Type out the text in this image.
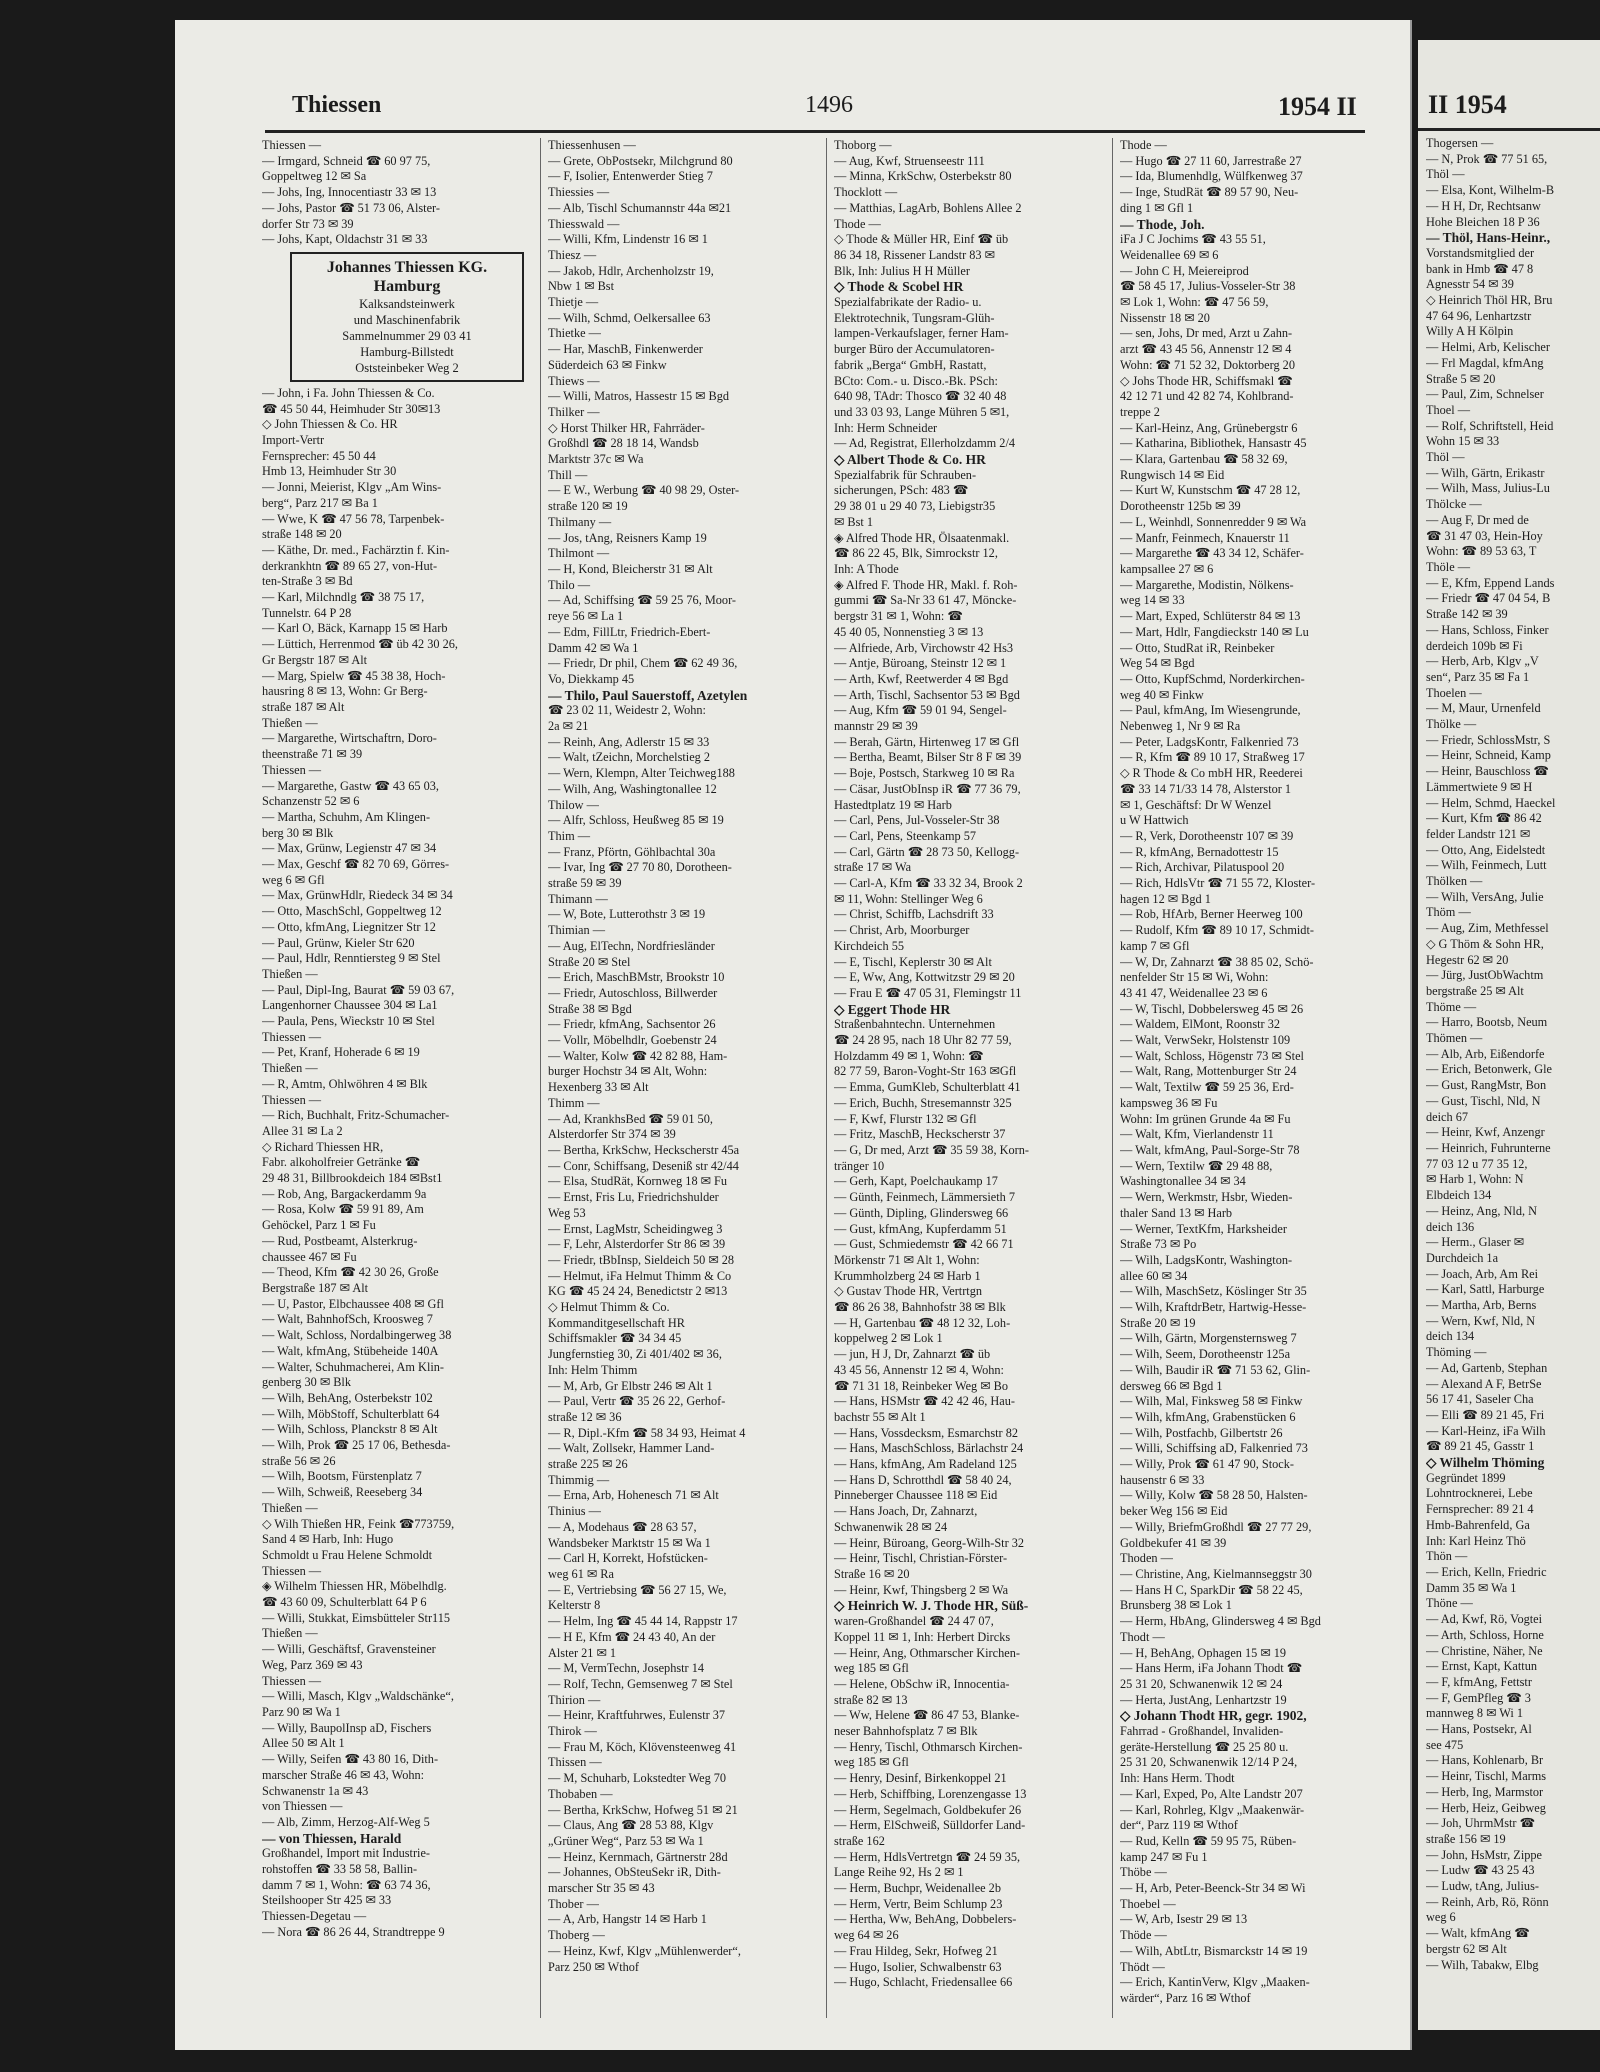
Thiessen	1496	1954 II
Thiessen —
— Irmgard, Schneid ☎ 60 97 75,
Goppeltweg 12 ✉ Sa
— Johs, Ing, Innocentiastr 33 ✉ 13
— Johs, Pastor ☎ 51 73 06, Alster-
dorfer Str 73 ✉ 39
— Johs, Kapt, Oldachstr 31 ✉ 33
Johannes Thiessen KG. Hamburg
Kalksandsteinwerk
und Maschinenfabrik
Sammelnummer 29 03 41
Hamburg-Billstedt
Oststeinbeker Weg 2
— John, i Fa. John Thiessen & Co.
☎ 45 50 44, Heimhuder Str 30✉13
◇ John Thiessen & Co. HR
Import-Vertr
Fernsprecher: 45 50 44
Hmb 13, Heimhuder Str 30
— Jonni, Meierist, Klgv „Am Wins-
berg“, Parz 217 ✉ Ba 1
— Wwe, K ☎ 47 56 78, Tarpenbek-
straße 148 ✉ 20
— Käthe, Dr. med., Fachärztin f. Kin-
derkrankhtn ☎ 89 65 27, von-Hut-
ten-Straße 3 ✉ Bd
— Karl, Milchndlg ☎ 38 75 17,
Tunnelstr. 64 P 28
— Karl O, Bäck, Karnapp 15 ✉ Harb
— Lüttich, Herrenmod ☎ üb 42 30 26,
Gr Bergstr 187 ✉ Alt
— Marg, Spielw ☎ 45 38 38, Hoch-
hausring 8 ✉ 13, Wohn: Gr Berg-
straße 187 ✉ Alt
Thießen —
— Margarethe, Wirtschaftrn, Doro-
theenstraße 71 ✉ 39
Thiessen —
— Margarethe, Gastw ☎ 43 65 03,
Schanzenstr 52 ✉ 6
— Martha, Schuhm, Am Klingen-
berg 30 ✉ Blk
— Max, Grünw, Legienstr 47 ✉ 34
— Max, Geschf ☎ 82 70 69, Görres-
weg 6 ✉ Gfl
— Max, GrünwHdlr, Riedeck 34 ✉ 34
— Otto, MaschSchl, Goppeltweg 12
— Otto, kfmAng, Liegnitzer Str 12
— Paul, Grünw, Kieler Str 620
— Paul, Hdlr, Renntiersteg 9 ✉ Stel
Thießen —
— Paul, Dipl-Ing, Baurat ☎ 59 03 67,
Langenhorner Chaussee 304 ✉ La1
— Paula, Pens, Wieckstr 10 ✉ Stel
Thiessen —
— Pet, Kranf, Hoherade 6 ✉ 19
Thießen —
— R, Amtm, Ohlwöhren 4 ✉ Blk
Thiessen —
— Rich, Buchhalt, Fritz-Schumacher-
Allee 31 ✉ La 2
◇ Richard Thiessen HR,
Fabr. alkoholfreier Getränke ☎
29 48 31, Billbrookdeich 184 ✉Bst1
— Rob, Ang, Bargackerdamm 9a
— Rosa, Kolw ☎ 59 91 89, Am
Gehöckel, Parz 1 ✉ Fu
— Rud, Postbeamt, Alsterkrug-
chaussee 467 ✉ Fu
— Theod, Kfm ☎ 42 30 26, Große
Bergstraße 187 ✉ Alt
— U, Pastor, Elbchaussee 408 ✉ Gfl
— Walt, BahnhofSch, Kroosweg 7
— Walt, Schloss, Nordalbingerweg 38
— Walt, kfmAng, Stübeheide 140A
— Walter, Schuhmacherei, Am Klin-
genberg 30 ✉ Blk
— Wilh, BehAng, Osterbekstr 102
— Wilh, MöbStoff, Schulterblatt 64
— Wilh, Schloss, Planckstr 8 ✉ Alt
— Wilh, Prok ☎ 25 17 06, Bethesda-
straße 56 ✉ 26
— Wilh, Bootsm, Fürstenplatz 7
— Wilh, Schweiß, Reeseberg 34
Thießen —
◇ Wilh Thießen HR, Feink ☎773759,
Sand 4 ✉ Harb, Inh: Hugo
Schmoldt u Frau Helene Schmoldt
Thiessen —
◈ Wilhelm Thiessen HR, Möbelhdlg.
☎ 43 60 09, Schulterblatt 64 P 6
— Willi, Stukkat, Eimsbütteler Str115
Thießen —
— Willi, Geschäftsf, Gravensteiner
Weg, Parz 369 ✉ 43
Thiessen —
— Willi, Masch, Klgv „Waldschänke“,
Parz 90 ✉ Wa 1
— Willy, BaupolInsp aD, Fischers
Allee 50 ✉ Alt 1
— Willy, Seifen ☎ 43 80 16, Dith-
marscher Straße 46 ✉ 43, Wohn:
Schwanenstr 1a ✉ 43
von Thiessen —
— Alb, Zimm, Herzog-Alf-Weg 5
— von Thiessen, Harald
Großhandel, Import mit Industrie-
rohstoffen ☎ 33 58 58, Ballin-
damm 7 ✉ 1, Wohn: ☎ 63 74 36,
Steilshooper Str 425 ✉ 33
Thiessen-Degetau —
— Nora ☎ 86 26 44, Strandtreppe 9
Thiessenhusen —
— Grete, ObPostsekr, Milchgrund 80
— F, Isolier, Entenwerder Stieg 7
Thiessies —
— Alb, Tischl Schumannstr 44a ✉21
Thiesswald —
— Willi, Kfm, Lindenstr 16 ✉ 1
Thiesz —
— Jakob, Hdlr, Archenholzstr 19,
Nbw 1 ✉ Bst
Thietje —
— Wilh, Schmd, Oelkersallee 63
Thietke —
— Har, MaschB, Finkenwerder
Süderdeich 63 ✉ Finkw
Thiews —
— Willi, Matros, Hassestr 15 ✉ Bgd
Thilker —
◇ Horst Thilker HR, Fahrräder-
Großhdl ☎ 28 18 14, Wandsb
Marktstr 37c ✉ Wa
Thill —
— E W., Werbung ☎ 40 98 29, Oster-
straße 120 ✉ 19
Thilmany —
— Jos, tAng, Reisners Kamp 19
Thilmont —
— H, Kond, Bleicherstr 31 ✉ Alt
Thilo —
— Ad, Schiffsing ☎ 59 25 76, Moor-
reye 56 ✉ La 1
— Edm, FillLtr, Friedrich-Ebert-
Damm 42 ✉ Wa 1
— Friedr, Dr phil, Chem ☎ 62 49 36,
Vo, Diekkamp 45
— Thilo, Paul Sauerstoff, Azetylen
☎ 23 02 11, Weidestr 2, Wohn:
2a ✉ 21
— Reinh, Ang, Adlerstr 15 ✉ 33
— Walt, tZeichn, Morchelstieg 2
— Wern, Klempn, Alter Teichweg188
— Wilh, Ang, Washingtonallee 12
Thilow —
— Alfr, Schloss, Heußweg 85 ✉ 19
Thim —
— Franz, Pförtn, Göhlbachtal 30a
— Ivar, Ing ☎ 27 70 80, Dorotheen-
straße 59 ✉ 39
Thimann —
— W, Bote, Lutterothstr 3 ✉ 19
Thimian —
— Aug, ElTechn, Nordfriesländer
Straße 20 ✉ Stel
— Erich, MaschBMstr, Brookstr 10
— Friedr, Autoschloss, Billwerder
Straße 38 ✉ Bgd
— Friedr, kfmAng, Sachsentor 26
— Vollr, Möbelhdlr, Goebenstr 24
— Walter, Kolw ☎ 42 82 88, Ham-
burger Hochstr 34 ✉ Alt, Wohn:
Hexenberg 33 ✉ Alt
Thimm —
— Ad, KrankhsBed ☎ 59 01 50,
Alsterdorfer Str 374 ✉ 39
— Bertha, KrkSchw, Heckscherstr 45a
— Conr, Schiffsang, Deseniß str 42/44
— Elsa, StudRät, Kornweg 18 ✉ Fu
— Ernst, Fris Lu, Friedrichshulder
Weg 53
— Ernst, LagMstr, Scheidingweg 3
— F, Lehr, Alsterdorfer Str 86 ✉ 39
— Friedr, tBbInsp, Sieldeich 50 ✉ 28
— Helmut, iFa Helmut Thimm & Co
KG ☎ 45 24 24, Benedictstr 2 ✉13
◇ Helmut Thimm & Co.
Kommanditgesellschaft HR
Schiffsmakler ☎ 34 34 45
Jungfernstieg 30, Zi 401/402 ✉ 36,
Inh: Helm Thimm
— M, Arb, Gr Elbstr 246 ✉ Alt 1
— Paul, Vertr ☎ 35 26 22, Gerhof-
straße 12 ✉ 36
— R, Dipl.-Kfm ☎ 58 34 93, Heimat 4
— Walt, Zollsekr, Hammer Land-
straße 225 ✉ 26
Thimmig —
— Erna, Arb, Hohenesch 71 ✉ Alt
Thinius —
— A, Modehaus ☎ 28 63 57,
Wandsbeker Marktstr 15 ✉ Wa 1
— Carl H, Korrekt, Hofstücken-
weg 61 ✉ Ra
— E, Vertriebsing ☎ 56 27 15, We,
Kelterstr 8
— Helm, Ing ☎ 45 44 14, Rappstr 17
— H E, Kfm ☎ 24 43 40, An der
Alster 21 ✉ 1
— M, VermTechn, Josephstr 14
— Rolf, Techn, Gemsenweg 7 ✉ Stel
Thirion —
— Heinr, Kraftfuhrwes, Eulenstr 37
Thirok —
— Frau M, Köch, Klövensteenweg 41
Thissen —
— M, Schuharb, Lokstedter Weg 70
Thobaben —
— Bertha, KrkSchw, Hofweg 51 ✉ 21
— Claus, Ang ☎ 28 53 88, Klgv
„Grüner Weg“, Parz 53 ✉ Wa 1
— Heinz, Kernmach, Gärtnerstr 28d
— Johannes, ObSteuSekr iR, Dith-
marscher Str 35 ✉ 43
Thober —
— A, Arb, Hangstr 14 ✉ Harb 1
Thoberg —
— Heinz, Kwf, Klgv „Mühlenwerder“,
Parz 250 ✉ Wthof
Thoborg —
— Aug, Kwf, Struenseestr 111
— Minna, KrkSchw, Osterbekstr 80
Thocklott —
— Matthias, LagArb, Bohlens Allee 2
Thode —
◇ Thode & Müller HR, Einf ☎ üb
86 34 18, Rissener Landstr 83 ✉
Blk, Inh: Julius H H Müller
◇ Thode & Scobel HR
Spezialfabrikate der Radio- u.
Elektrotechnik, Tungsram-Glüh-
lampen-Verkaufslager, ferner Ham-
burger Büro der Accumulatoren-
fabrik „Berga“ GmbH, Rastatt,
BCto: Com.- u. Disco.-Bk. PSch:
640 98, TAdr: Thosco ☎ 32 40 48
und 33 03 93, Lange Mühren 5 ✉1,
Inh: Herm Schneider
— Ad, Registrat, Ellerholzdamm 2/4
◇ Albert Thode & Co. HR
Spezialfabrik für Schrauben-
sicherungen, PSch: 483 ☎
29 38 01 u 29 40 73, Liebigstr35
✉ Bst 1
◈ Alfred Thode HR, Ölsaatenmakl.
☎ 86 22 45, Blk, Simrockstr 12,
Inh: A Thode
◈ Alfred F. Thode HR, Makl. f. Roh-
gummi ☎ Sa-Nr 33 61 47, Möncke-
bergstr 31 ✉ 1, Wohn: ☎
45 40 05, Nonnenstieg 3 ✉ 13
— Alfriede, Arb, Virchowstr 42 Hs3
— Antje, Büroang, Steinstr 12 ✉ 1
— Arth, Kwf, Reetwerder 4 ✉ Bgd
— Arth, Tischl, Sachsentor 53 ✉ Bgd
— Aug, Kfm ☎ 59 01 94, Sengel-
mannstr 29 ✉ 39
— Berah, Gärtn, Hirtenweg 17 ✉ Gfl
— Bertha, Beamt, Bilser Str 8 F ✉ 39
— Boje, Postsch, Starkweg 10 ✉ Ra
— Cäsar, JustObInsp iR ☎ 77 36 79,
Hastedtplatz 19 ✉ Harb
— Carl, Pens, Jul-Vosseler-Str 38
— Carl, Pens, Steenkamp 57
— Carl, Gärtn ☎ 28 73 50, Kellogg-
straße 17 ✉ Wa
— Carl-A, Kfm ☎ 33 32 34, Brook 2
✉ 11, Wohn: Stellinger Weg 6
— Christ, Schiffb, Lachsdrift 33
— Christ, Arb, Moorburger
Kirchdeich 55
— E, Tischl, Keplerstr 30 ✉ Alt
— E, Ww, Ang, Kottwitzstr 29 ✉ 20
— Frau E ☎ 47 05 31, Flemingstr 11
◇ Eggert Thode HR
Straßenbahntechn. Unternehmen
☎ 24 28 95, nach 18 Uhr 82 77 59,
Holzdamm 49 ✉ 1, Wohn: ☎
82 77 59, Baron-Voght-Str 163 ✉Gfl
— Emma, GumKleb, Schulterblatt 41
— Erich, Buchh, Stresemannstr 325
— F, Kwf, Flurstr 132 ✉ Gfl
— Fritz, MaschB, Heckscherstr 37
— G, Dr med, Arzt ☎ 35 59 38, Korn-
tränger 10
— Gerh, Kapt, Poelchaukamp 17
— Günth, Feinmech, Lämmersieth 7
— Günth, Dipling, Glindersweg 66
— Gust, kfmAng, Kupferdamm 51
— Gust, Schmiedemstr ☎ 42 66 71
Mörkenstr 71 ✉ Alt 1, Wohn:
Krummholzberg 24 ✉ Harb 1
◇ Gustav Thode HR, Vertrtgn
☎ 86 26 38, Bahnhofstr 38 ✉ Blk
— H, Gartenbau ☎ 48 12 32, Loh-
koppelweg 2 ✉ Lok 1
— jun, H J, Dr, Zahnarzt ☎ üb
43 45 56, Annenstr 12 ✉ 4, Wohn:
☎ 71 31 18, Reinbeker Weg ✉ Bo
— Hans, HSMstr ☎ 42 42 46, Hau-
bachstr 55 ✉ Alt 1
— Hans, Vossdecksm, Esmarchstr 82
— Hans, MaschSchloss, Bärlachstr 24
— Hans, kfmAng, Am Radeland 125
— Hans D, Schrotthdl ☎ 58 40 24,
Pinneberger Chaussee 118 ✉ Eid
— Hans Joach, Dr, Zahnarzt,
Schwanenwik 28 ✉ 24
— Heinr, Büroang, Georg-Wilh-Str 32
— Heinr, Tischl, Christian-Förster-
Straße 16 ✉ 20
— Heinr, Kwf, Thingsberg 2 ✉ Wa
◇ Heinrich W. J. Thode HR, Süß-
waren-Großhandel ☎ 24 47 07,
Koppel 11 ✉ 1, Inh: Herbert Dircks
— Heinr, Ang, Othmarscher Kirchen-
weg 185 ✉ Gfl
— Helene, ObSchw iR, Innocentia-
straße 82 ✉ 13
— Ww, Helene ☎ 86 47 53, Blanke-
neser Bahnhofsplatz 7 ✉ Blk
— Henry, Tischl, Othmarsch Kirchen-
weg 185 ✉ Gfl
— Henry, Desinf, Birkenkoppel 21
— Herb, Schiffbing, Lorenzengasse 13
— Herm, Segelmach, Goldbekufer 26
— Herm, ElSchweiß, Sülldorfer Land-
straße 162
— Herm, HdlsVertretgn ☎ 24 59 35,
Lange Reihe 92, Hs 2 ✉ 1
— Herm, Buchpr, Weidenallee 2b
— Herm, Vertr, Beim Schlump 23
— Hertha, Ww, BehAng, Dobbelers-
weg 64 ✉ 26
— Frau Hildeg, Sekr, Hofweg 21
— Hugo, Isolier, Schwalbenstr 63
— Hugo, Schlacht, Friedensallee 66
Thode —
— Hugo ☎ 27 11 60, Jarrestraße 27
— Ida, Blumenhdlg, Wülfkenweg 37
— Inge, StudRät ☎ 89 57 90, Neu-
ding 1 ✉ Gfl 1
— Thode, Joh.
iFa J C Jochims ☎ 43 55 51,
Weidenallee 69 ✉ 6
— John C H, Meiereiprod
☎ 58 45 17, Julius-Vosseler-Str 38
✉ Lok 1, Wohn: ☎ 47 56 59,
Nissenstr 18 ✉ 20
— sen, Johs, Dr med, Arzt u Zahn-
arzt ☎ 43 45 56, Annenstr 12 ✉ 4
Wohn: ☎ 71 52 32, Doktorberg 20
◇ Johs Thode HR, Schiffsmakl ☎
42 12 71 und 42 82 74, Kohlbrand-
treppe 2
— Karl-Heinz, Ang, Grünebergstr 6
— Katharina, Bibliothek, Hansastr 45
— Klara, Gartenbau ☎ 58 32 69,
Rungwisch 14 ✉ Eid
— Kurt W, Kunstschm ☎ 47 28 12,
Dorotheenstr 125b ✉ 39
— L, Weinhdl, Sonnenredder 9 ✉ Wa
— Manfr, Feinmech, Knauerstr 11
— Margarethe ☎ 43 34 12, Schäfer-
kampsallee 27 ✉ 6
— Margarethe, Modistin, Nölkens-
weg 14 ✉ 33
— Mart, Exped, Schlüterstr 84 ✉ 13
— Mart, Hdlr, Fangdieckstr 140 ✉ Lu
— Otto, StudRat iR, Reinbeker
Weg 54 ✉ Bgd
— Otto, KupfSchmd, Norderkirchen-
weg 40 ✉ Finkw
— Paul, kfmAng, Im Wiesengrunde,
Nebenweg 1, Nr 9 ✉ Ra
— Peter, LadgsKontr, Falkenried 73
— R, Kfm ☎ 89 10 17, Straßweg 17
◇ R Thode & Co mbH HR, Reederei
☎ 33 14 71/33 14 78, Alsterstor 1
✉ 1, Geschäftsf: Dr W Wenzel
u W Hattwich
— R, Verk, Dorotheenstr 107 ✉ 39
— R, kfmAng, Bernadottestr 15
— Rich, Archivar, Pilatuspool 20
— Rich, HdlsVtr ☎ 71 55 72, Kloster-
hagen 12 ✉ Bgd 1
— Rob, HfArb, Berner Heerweg 100
— Rudolf, Kfm ☎ 89 10 17, Schmidt-
kamp 7 ✉ Gfl
— W, Dr, Zahnarzt ☎ 38 85 02, Schö-
nenfelder Str 15 ✉ Wi, Wohn:
43 41 47, Weidenallee 23 ✉ 6
— W, Tischl, Dobbelersweg 45 ✉ 26
— Waldem, ElMont, Roonstr 32
— Walt, VerwSekr, Holstenstr 109
— Walt, Schloss, Högenstr 73 ✉ Stel
— Walt, Rang, Mottenburger Str 24
— Walt, Textilw ☎ 59 25 36, Erd-
kampsweg 36 ✉ Fu
Wohn: Im grünen Grunde 4a ✉ Fu
— Walt, Kfm, Vierlandenstr 11
— Walt, kfmAng, Paul-Sorge-Str 78
— Wern, Textilw ☎ 29 48 88,
Washingtonallee 34 ✉ 34
— Wern, Werkmstr, Hsbr, Wieden-
thaler Sand 13 ✉ Harb
— Werner, TextKfm, Harksheider
Straße 73 ✉ Po
— Wilh, LadgsKontr, Washington-
allee 60 ✉ 34
— Wilh, MaschSetz, Köslinger Str 35
— Wilh, KraftdrBetr, Hartwig-Hesse-
Straße 20 ✉ 19
— Wilh, Gärtn, Morgensternsweg 7
— Wilh, Seem, Dorotheenstr 125a
— Wilh, Baudir iR ☎ 71 53 62, Glin-
dersweg 66 ✉ Bgd 1
— Wilh, Mal, Finksweg 58 ✉ Finkw
— Wilh, kfmAng, Grabenstücken 6
— Wilh, Postfachb, Gilbertstr 26
— Willi, Schiffsing aD, Falkenried 73
— Willy, Prok ☎ 61 47 90, Stock-
hausenstr 6 ✉ 33
— Willy, Kolw ☎ 58 28 50, Halsten-
beker Weg 156 ✉ Eid
— Willy, BriefmGroßhdl ☎ 27 77 29,
Goldbekufer 41 ✉ 39
Thoden —
— Christine, Ang, Kielmannseggstr 30
— Hans H C, SparkDir ☎ 58 22 45,
Brunsberg 38 ✉ Lok 1
— Herm, HbAng, Glindersweg 4 ✉ Bgd
Thodt —
— H, BehAng, Ophagen 15 ✉ 19
— Hans Herm, iFa Johann Thodt ☎
25 31 20, Schwanenwik 12 ✉ 24
— Herta, JustAng, Lenhartzstr 19
◇ Johann Thodt HR, gegr. 1902,
Fahrrad - Großhandel, Invaliden-
geräte-Herstellung ☎ 25 25 80 u.
25 31 20, Schwanenwik 12/14 P 24,
Inh: Hans Herm. Thodt
— Karl, Exped, Po, Alte Landstr 207
— Karl, Rohrleg, Klgv „Maakenwär-
der“, Parz 119 ✉ Wthof
— Rud, Kelln ☎ 59 95 75, Rüben-
kamp 247 ✉ Fu 1
Thöbe —
— H, Arb, Peter-Beenck-Str 34 ✉ Wi
Thoebel —
— W, Arb, Isestr 29 ✉ 13
Thöde —
— Wilh, AbtLtr, Bismarckstr 14 ✉ 19
Thödt —
— Erich, KantinVerw, Klgv „Maaken-
wärder“, Parz 16 ✉ Wthof
II 1954
Thogersen —
— N, Prok ☎ 77 51 65,
Thöl —
— Elsa, Kont, Wilhelm-B
— H H, Dr, Rechtsanw
Hohe Bleichen 18 P 36
— Thöl, Hans-Heinr.,
Vorstandsmitglied der
bank in Hmb ☎ 47 8
Agnesstr 54 ✉ 39
◇ Heinrich Thöl HR, Bru
47 64 96, Lenhartzstr
Willy A H Kölpin
— Helmi, Arb, Kelischer
— Frl Magdal, kfmAng
Straße 5 ✉ 20
— Paul, Zim, Schnelser
Thoel —
— Rolf, Schriftstell, Heid
Wohn 15 ✉ 33
Thöl —
— Wilh, Gärtn, Erikastr
— Wilh, Mass, Julius-Lu
Thölcke —
— Aug F, Dr med de
☎ 31 47 03, Hein-Hoy
Wohn: ☎ 89 53 63, T
Thöle —
— E, Kfm, Eppend Lands
— Friedr ☎ 47 04 54, B
Straße 142 ✉ 39
— Hans, Schloss, Finker
derdeich 109b ✉ Fi
— Herb, Arb, Klgv „V
sen“, Parz 35 ✉ Fa 1
Thoelen —
— M, Maur, Urnenfeld
Thölke —
— Friedr, SchlossMstr, S
— Heinr, Schneid, Kamp
— Heinr, Bauschloss ☎
Lämmertwiete 9 ✉ H
— Helm, Schmd, Haeckel
— Kurt, Kfm ☎ 86 42
felder Landstr 121 ✉
— Otto, Ang, Eidelstedt
— Wilh, Feinmech, Lutt
Thölken —
— Wilh, VersAng, Julie
Thöm —
— Aug, Zim, Methfessel
◇ G Thöm & Sohn HR,
Hegestr 62 ✉ 20
— Jürg, JustObWachtm
bergstraße 25 ✉ Alt
Thöme —
— Harro, Bootsb, Neum
Thömen —
— Alb, Arb, Eißendorfe
— Erich, Betonwerk, Gle
— Gust, RangMstr, Bon
— Gust, Tischl, Nld, N
deich 67
— Heinr, Kwf, Anzengr
— Heinrich, Fuhrunterne
77 03 12 u 77 35 12,
✉ Harb 1, Wohn: N
Elbdeich 134
— Heinz, Ang, Nld, N
deich 136
— Herm., Glaser ✉
Durchdeich 1a
— Joach, Arb, Am Rei
— Karl, Sattl, Harburge
— Martha, Arb, Berns
— Wern, Kwf, Nld, N
deich 134
Thöming —
— Ad, Gartenb, Stephan
— Alexand A F, BetrSe
56 17 41, Saseler Cha
— Elli ☎ 89 21 45, Fri
— Karl-Heinz, iFa Wilh
☎ 89 21 45, Gasstr 1
◇ Wilhelm Thöming
Gegründet 1899
Lohntrocknerei, Lebe
Fernsprecher: 89 21 4
Hmb-Bahrenfeld, Ga
Inh: Karl Heinz Thö
Thön —
— Erich, Kelln, Friedric
Damm 35 ✉ Wa 1
Thöne —
— Ad, Kwf, Rö, Vogtei
— Arth, Schloss, Horne
— Christine, Näher, Ne
— Ernst, Kapt, Kattun
— F, kfmAng, Fettstr
— F, GemPfleg ☎ 3
mannweg 8 ✉ Wi 1
— Hans, Postsekr, Al
see 475
— Hans, Kohlenarb, Br
— Heinr, Tischl, Marms
— Herb, Ing, Marmstor
— Herb, Heiz, Geibweg
— Joh, UhrmMstr ☎
straße 156 ✉ 19
— John, HsMstr, Zippe
— Ludw ☎ 43 25 43
— Ludw, tAng, Julius-
— Reinh, Arb, Rö, Rönn
weg 6
— Walt, kfmAng ☎
bergstr 62 ✉ Alt
— Wilh, Tabakw, Elbg
